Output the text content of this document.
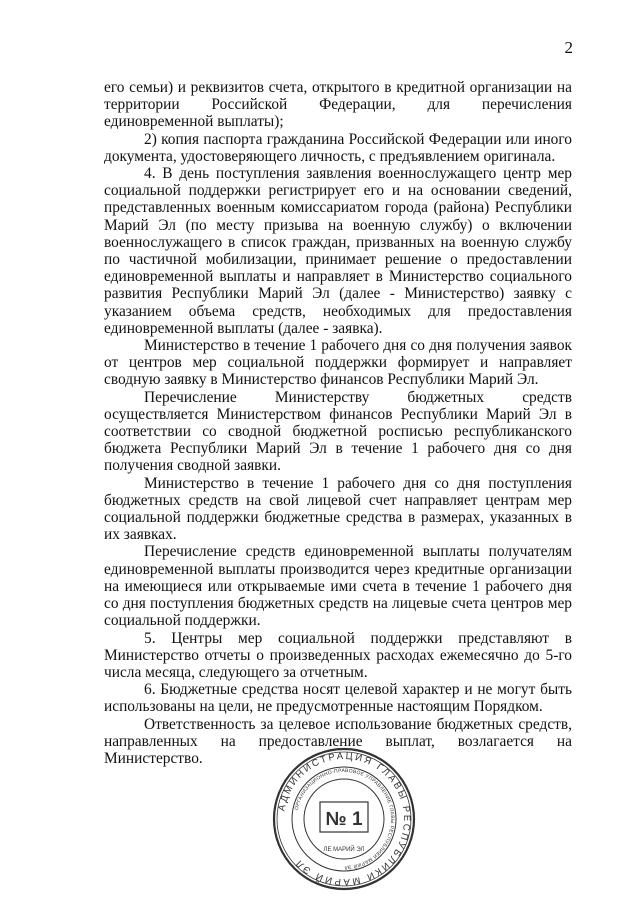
2

его семьи) и реквизитов счета, открытого в кредитной организации на территории Российской Федерации, для перечисления единовременной выплаты);

2) копия паспорта гражданина Российской Федерации или иного документа, удостоверяющего личность, с предъявлением оригинала.

4. В день поступления заявления военнослужащего центр мер социальной поддержки регистрирует его и на основании сведений, представленных военным комиссариатом города (района) Республики Марий Эл (по месту призыва на военную службу) о включении военнослужащего в список граждан, призванных на военную службу по частичной мобилизации, принимает решение о предоставлении единовременной выплаты и направляет в Министерство социального развития Республики Марий Эл (далее - Министерство) заявку с указанием объема средств, необходимых для предоставления единовременной выплаты (далее - заявка).

Министерство в течение 1 рабочего дня со дня получения заявок от центров мер социальной поддержки формирует и направляет сводную заявку в Министерство финансов Республики Марий Эл.

Перечисление Министерству бюджетных средств осуществляется Министерством финансов Республики Марий Эл в соответствии со сводной бюджетной росписью республиканского бюджета Республики Марий Эл в течение 1 рабочего дня со дня получения сводной заявки.

Министерство в течение 1 рабочего дня со дня поступления бюджетных средств на свой лицевой счет направляет центрам мер социальной поддержки бюджетные средства в размерах, указанных в их заявках.

Перечисление средств единовременной выплаты получателям единовременной выплаты производится через кредитные организации на имеющиеся или открываемые ими счета в течение 1 рабочего дня со дня поступления бюджетных средств на лицевые счета центров мер социальной поддержки.

5. Центры мер социальной поддержки представляют в Министерство отчеты о произведенных расходах ежемесячно до 5-го числа месяца, следующего за отчетным.

6. Бюджетные средства носят целевой характер и не могут быть использованы на цели, не предусмотренные настоящим Порядком.

Ответственность за целевое использование бюджетных средств, направленных на предоставление выплат, возлагается на Министерство.

АДМИНИСТРАЦИЯ ГЛАВЫ РЕСПУБЛИКИ МАРИЙ ЭЛ
ОРГАНИЗАЦИОННО-ПРАВОВОЕ УПРАВЛЕНИЕ ГЛАВЫ РЕСПУБЛИКИ МАРИЙ ЭЛ
№ 1
ЛЕ МАРИЙ ЭЛ
